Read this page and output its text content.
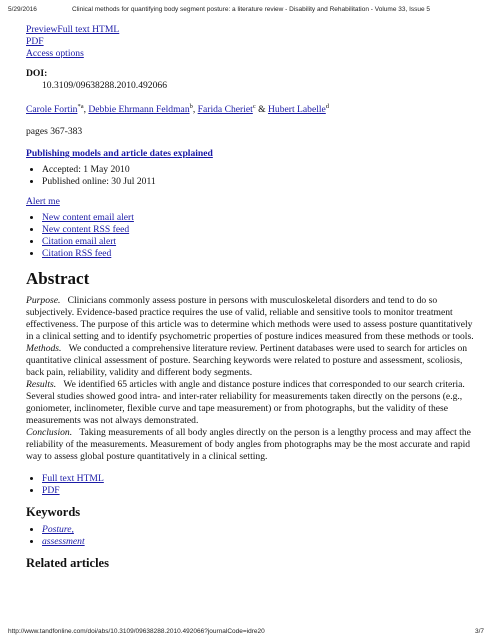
5/29/2016	Clinical methods for quantifying body segment posture: a literature review - Disability and Rehabilitation - Volume 33, Issue 5
PreviewFull text HTML
PDF
Access options
DOI:
10.3109/09638288.2010.492066
Carole Fortin$^{*a}$, Debbie Ehrmann Feldman$^b$, Farida Cheriet$^c$ & Hubert Labelle$^d$
pages 367-383
Publishing models and article dates explained
• Accepted: 1 May 2010
• Published online: 30 Jul 2011
Alert me
• New content email alert
• New content RSS feed
• Citation email alert
• Citation RSS feed
Abstract
Purpose. Clinicians commonly assess posture in persons with musculoskeletal disorders and tend to do so subjectively. Evidence-based practice requires the use of valid, reliable and sensitive tools to monitor treatment effectiveness. The purpose of this article was to determine which methods were used to assess posture quantitatively in a clinical setting and to identify psychometric properties of posture indices measured from these methods or tools.
Methods. We conducted a comprehensive literature review. Pertinent databases were used to search for articles on quantitative clinical assessment of posture. Searching keywords were related to posture and assessment, scoliosis, back pain, reliability, validity and different body segments.
Results. We identified 65 articles with angle and distance posture indices that corresponded to our search criteria. Several studies showed good intra- and inter-rater reliability for measurements taken directly on the persons (e.g., goniometer, inclinometer, flexible curve and tape measurement) or from photographs, but the validity of these measurements was not always demonstrated.
Conclusion. Taking measurements of all body angles directly on the person is a lengthy process and may affect the reliability of the measurements. Measurement of body angles from photographs may be the most accurate and rapid way to assess global posture quantitatively in a clinical setting.
• Full text HTML
• PDF
Keywords
• Posture,
• assessment
Related articles
http://www.tandfonline.com/doi/abs/10.3109/09638288.2010.492066?journalCode=idre20	3/7
